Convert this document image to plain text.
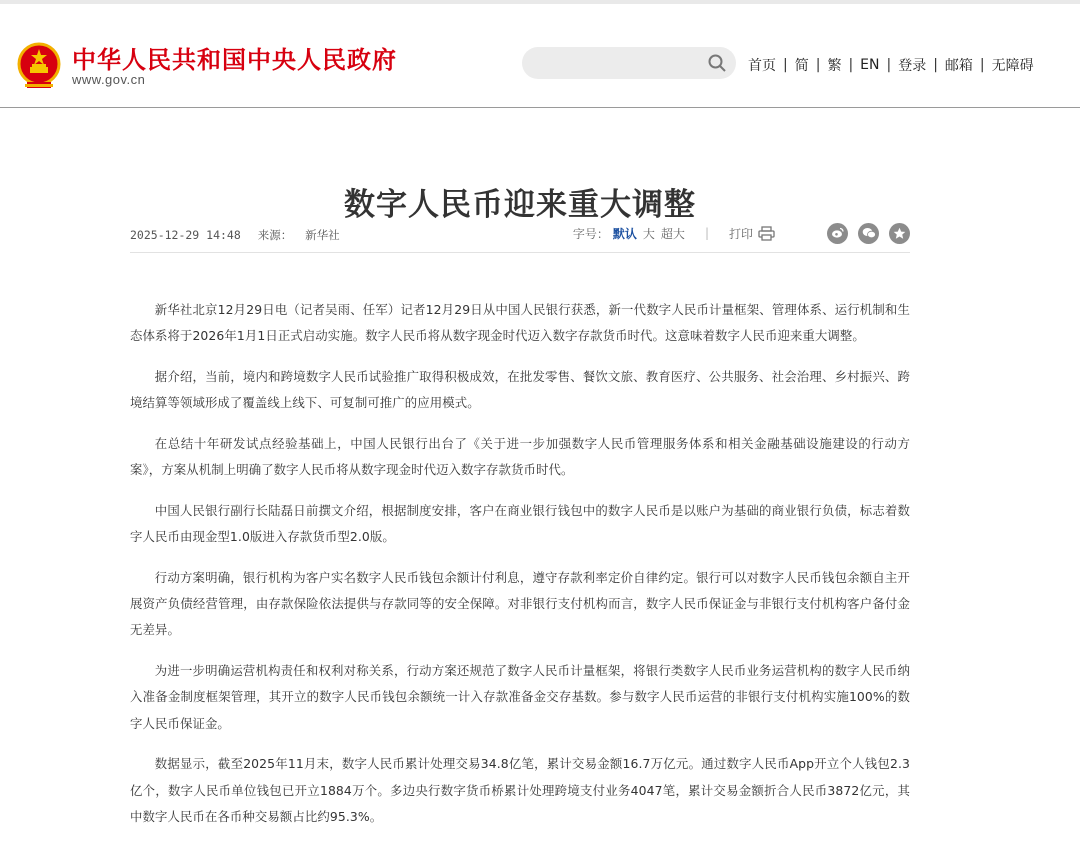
中华人民共和国中央人民政府
www.gov.cn
首页 | 简 | 繁 | EN | 登录 | 邮箱 | 无障碍
数字人民币迎来重大调整
2025-12-29 14:48 来源： 新华社	字号： 默认 大 超大 | 打印

新华社北京12月29日电（记者吴雨、任军）记者12月29日从中国人民银行获悉，新一代数字人民币计量框架、管理体系、运行机制和生态体系将于2026年1月1日正式启动实施。数字人民币将从数字现金时代迈入数字存款货币时代。这意味着数字人民币迎来重大调整。

据介绍，当前，境内和跨境数字人民币试验推广取得积极成效，在批发零售、餐饮文旅、教育医疗、公共服务、社会治理、乡村振兴、跨境结算等领域形成了覆盖线上线下、可复制可推广的应用模式。

在总结十年研发试点经验基础上，中国人民银行出台了《关于进一步加强数字人民币管理服务体系和相关金融基础设施建设的行动方案》，方案从机制上明确了数字人民币将从数字现金时代迈入数字存款货币时代。

中国人民银行副行长陆磊日前撰文介绍，根据制度安排，客户在商业银行钱包中的数字人民币是以账户为基础的商业银行负债，标志着数字人民币由现金型1.0版进入存款货币型2.0版。

行动方案明确，银行机构为客户实名数字人民币钱包余额计付利息，遵守存款利率定价自律约定。银行可以对数字人民币钱包余额自主开展资产负债经营管理，由存款保险依法提供与存款同等的安全保障。对非银行支付机构而言，数字人民币保证金与非银行支付机构客户备付金无差异。

为进一步明确运营机构责任和权利对称关系，行动方案还规范了数字人民币计量框架，将银行类数字人民币业务运营机构的数字人民币纳入准备金制度框架管理，其开立的数字人民币钱包余额统一计入存款准备金交存基数。参与数字人民币运营的非银行支付机构实施100%的数字人民币保证金。

数据显示，截至2025年11月末，数字人民币累计处理交易34.8亿笔，累计交易金额16.7万亿元。通过数字人民币App开立个人钱包2.3亿个，数字人民币单位钱包已开立1884万个。多边央行数字货币桥累计处理跨境支付业务4047笔，累计交易金额折合人民币3872亿元，其中数字人民币在各币种交易额占比约95.3%。
